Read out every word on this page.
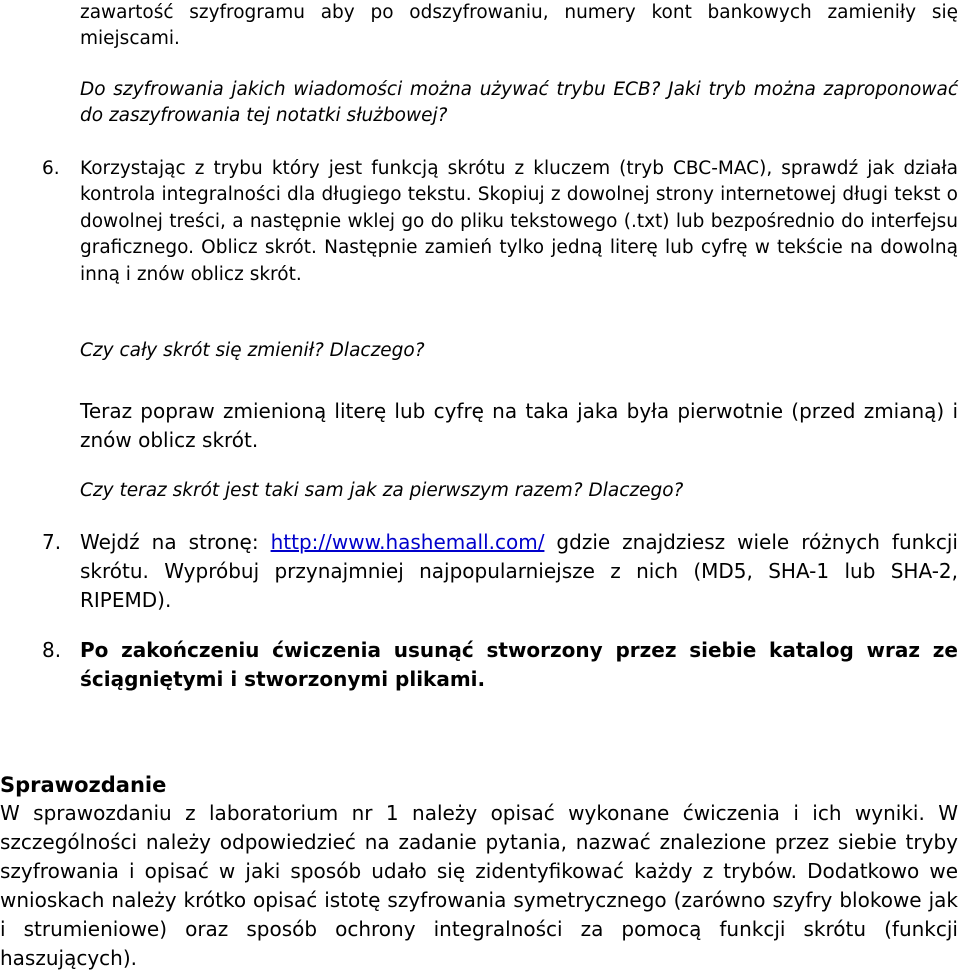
zawartość szyfrogramu aby po odszyfrowaniu, numery kont bankowych zamieniły się miejscami.

Do szyfrowania jakich wiadomości można używać trybu ECB? Jaki tryb można zaproponować do zaszyfrowania tej notatki służbowej?

6. Korzystając z trybu który jest funkcją skrótu z kluczem (tryb CBC-MAC), sprawdź jak działa kontrola integralności dla długiego tekstu. Skopiuj z dowolnej strony internetowej długi tekst o dowolnej treści, a następnie wklej go do pliku tekstowego (.txt) lub bezpośrednio do interfejsu graficznego. Oblicz skrót. Następnie zamień tylko jedną literę lub cyfrę w tekście na dowolną inną i znów oblicz skrót.

Czy cały skrót się zmienił? Dlaczego?

Teraz popraw zmienioną literę lub cyfrę na taka jaka była pierwotnie (przed zmianą) i znów oblicz skrót.

Czy teraz skrót jest taki sam jak za pierwszym razem? Dlaczego?

7. Wejdź na stronę: http://www.hashemall.com/ gdzie znajdziesz wiele różnych funkcji skrótu. Wypróbuj przynajmniej najpopularniejsze z nich (MD5, SHA-1 lub SHA-2, RIPEMD).

8. Po zakończeniu ćwiczenia usunąć stworzony przez siebie katalog wraz ze ściągniętymi i stworzonymi plikami.

Sprawozdanie

W sprawozdaniu z laboratorium nr 1 należy opisać wykonane ćwiczenia i ich wyniki. W szczególności należy odpowiedzieć na zadanie pytania, nazwać znalezione przez siebie tryby szyfrowania i opisać w jaki sposób udało się zidentyfikować każdy z trybów. Dodatkowo we wnioskach należy krótko opisać istotę szyfrowania symetrycznego (zarówno szyfry blokowe jak i strumieniowe) oraz sposób ochrony integralności za pomocą funkcji skrótu (funkcji haszujących).
